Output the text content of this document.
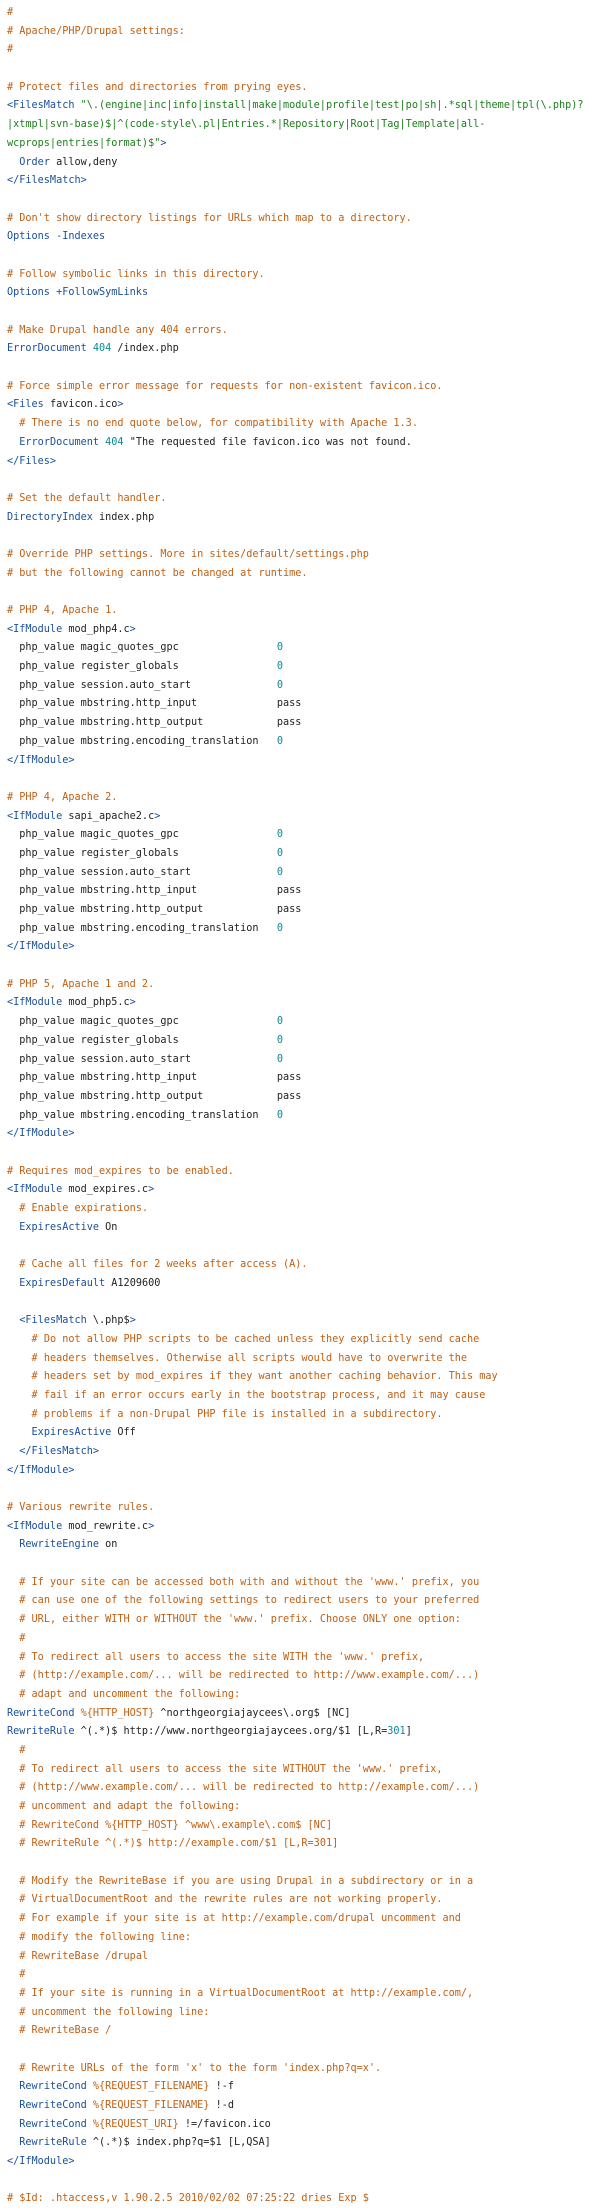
#
# Apache/PHP/Drupal settings:
#

# Protect files and directories from prying eyes.
<FilesMatch "\.(engine|inc|info|install|make|module|profile|test|po|sh|.*sql|theme|tpl(\.php)?
|xtmpl|svn-base)$|^(code-style\.pl|Entries.*|Repository|Root|Tag|Template|all-
wcprops|entries|format)$">
Order allow,deny
</FilesMatch>

# Don't show directory listings for URLs which map to a directory.
Options -Indexes

# Follow symbolic links in this directory.
Options +FollowSymLinks

# Make Drupal handle any 404 errors.
ErrorDocument 404 /index.php

# Force simple error message for requests for non-existent favicon.ico.
<Files favicon.ico>
# There is no end quote below, for compatibility with Apache 1.3.
ErrorDocument 404 "The requested file favicon.ico was not found.
</Files>

# Set the default handler.
DirectoryIndex index.php

# Override PHP settings. More in sites/default/settings.php
# but the following cannot be changed at runtime.

# PHP 4, Apache 1.
<IfModule mod_php4.c>
php_value magic_quotes_gpc                0
php_value register_globals                0
php_value session.auto_start              0
php_value mbstring.http_input             pass
php_value mbstring.http_output            pass
php_value mbstring.encoding_translation   0
</IfModule>

# PHP 4, Apache 2.
<IfModule sapi_apache2.c>
php_value magic_quotes_gpc                0
php_value register_globals                0
php_value session.auto_start              0
php_value mbstring.http_input             pass
php_value mbstring.http_output            pass
php_value mbstring.encoding_translation   0
</IfModule>

# PHP 5, Apache 1 and 2.
<IfModule mod_php5.c>
php_value magic_quotes_gpc                0
php_value register_globals                0
php_value session.auto_start              0
php_value mbstring.http_input             pass
php_value mbstring.http_output            pass
php_value mbstring.encoding_translation   0
</IfModule>

# Requires mod_expires to be enabled.
<IfModule mod_expires.c>
# Enable expirations.
ExpiresActive On

# Cache all files for 2 weeks after access (A).
ExpiresDefault A1209600

<FilesMatch \.php$>
# Do not allow PHP scripts to be cached unless they explicitly send cache
# headers themselves. Otherwise all scripts would have to overwrite the
# headers set by mod_expires if they want another caching behavior. This may
# fail if an error occurs early in the bootstrap process, and it may cause
# problems if a non-Drupal PHP file is installed in a subdirectory.
ExpiresActive Off
</FilesMatch>
</IfModule>

# Various rewrite rules.
<IfModule mod_rewrite.c>
RewriteEngine on

# If your site can be accessed both with and without the 'www.' prefix, you
# can use one of the following settings to redirect users to your preferred
# URL, either WITH or WITHOUT the 'www.' prefix. Choose ONLY one option:
#
# To redirect all users to access the site WITH the 'www.' prefix,
# (http://example.com/... will be redirected to http://www.example.com/...)
# adapt and uncomment the following:
RewriteCond %{HTTP_HOST} ^northgeorgiajaycees\.org$ [NC]
RewriteRule ^(.*)$ http://www.northgeorgiajaycees.org/$1 [L,R=301]
#
# To redirect all users to access the site WITHOUT the 'www.' prefix,
# (http://www.example.com/... will be redirected to http://example.com/...)
# uncomment and adapt the following:
# RewriteCond %{HTTP_HOST} ^www\.example\.com$ [NC]
# RewriteRule ^(.*)$ http://example.com/$1 [L,R=301]

# Modify the RewriteBase if you are using Drupal in a subdirectory or in a
# VirtualDocumentRoot and the rewrite rules are not working properly.
# For example if your site is at http://example.com/drupal uncomment and
# modify the following line:
# RewriteBase /drupal
#
# If your site is running in a VirtualDocumentRoot at http://example.com/,
# uncomment the following line:
# RewriteBase /

# Rewrite URLs of the form 'x' to the form 'index.php?q=x'.
RewriteCond %{REQUEST_FILENAME} !-f
RewriteCond %{REQUEST_FILENAME} !-d
RewriteCond %{REQUEST_URI} !=/favicon.ico
RewriteRule ^(.*)$ index.php?q=$1 [L,QSA]
</IfModule>

# $Id: .htaccess,v 1.90.2.5 2010/02/02 07:25:22 dries Exp $
